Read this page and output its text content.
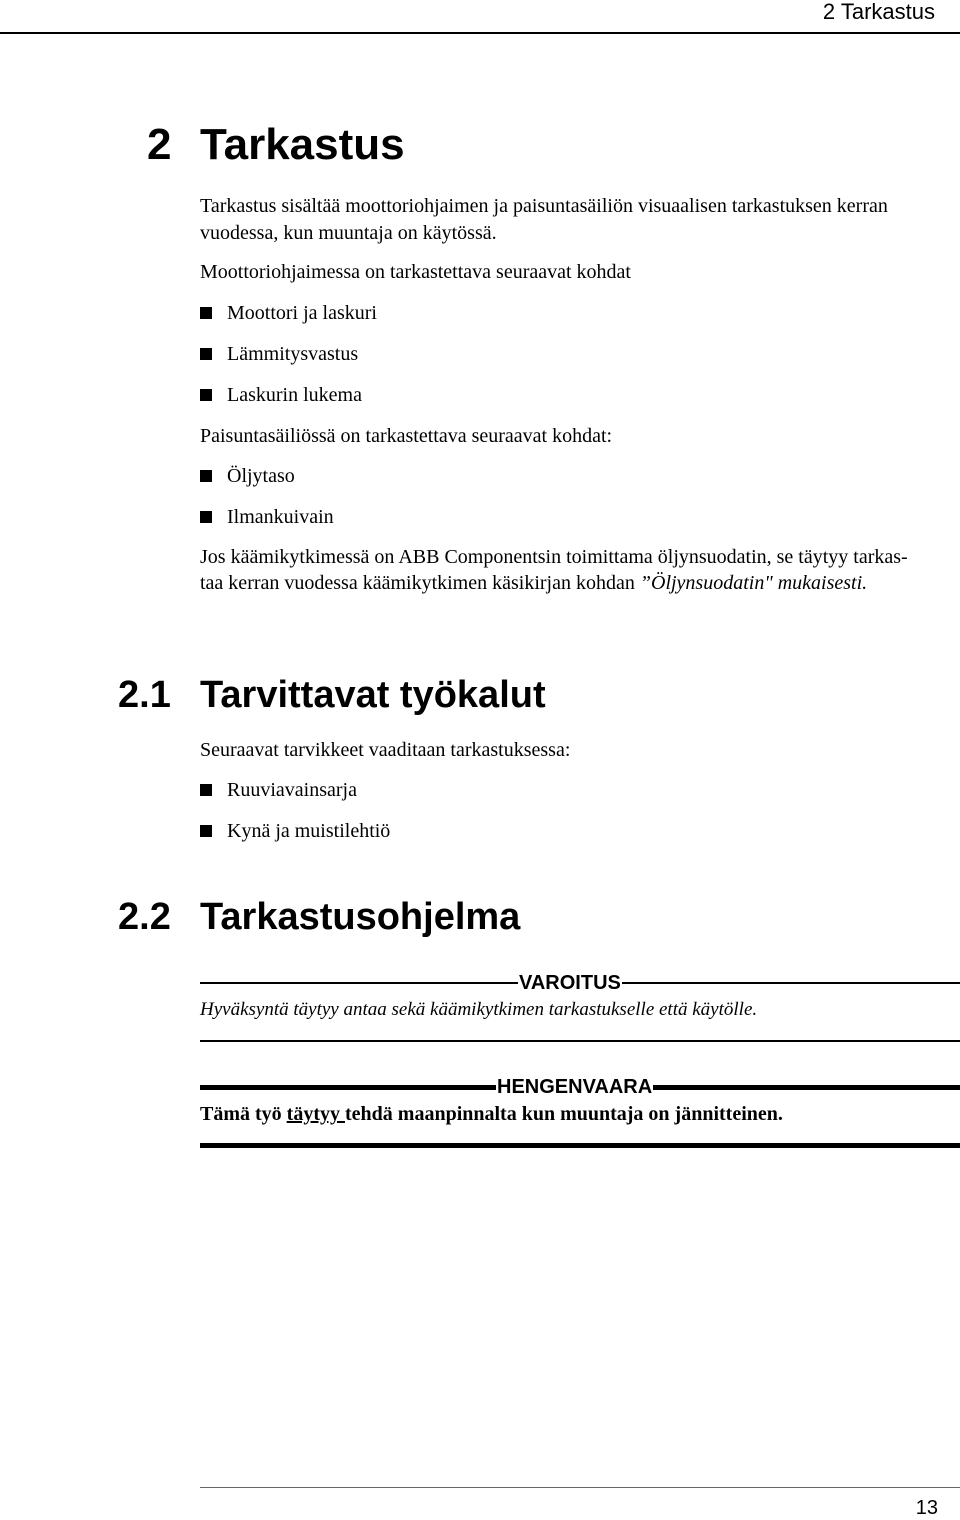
2 Tarkastus
2 Tarkastus
Tarkastus sisältää moottoriohjaimen ja paisuntasäiliön visuaalisen tarkastuksen kerran vuodessa, kun muuntaja on käytössä.
Moottoriohjaimessa on tarkastettava seuraavat kohdat
Moottori ja laskuri
Lämmitysvastus
Laskurin lukema
Paisuntasäiliössä on tarkastettava seuraavat kohdat:
Öljytaso
Ilmankuivain
Jos käämikytkimessä on ABB Componentsin toimittama öljynsuodatin, se täytyy tarkas-taa kerran vuodessa käämikytkimen käsikirjan kohdan ”Öljynsuodatin" mukaisesti.
2.1 Tarvittavat työkalut
Seuraavat tarvikkeet vaaditaan tarkastuksessa:
Ruuviavainsarja
Kynä ja muistilehtiö
2.2 Tarkastusohjelma
VAROITUS
Hyväksyntä täytyy antaa sekä käämikytkimen tarkastukselle että käytölle.
HENGENVAARA
Tämä työ täytyy tehdä maanpinnalta kun muuntaja on jännitteinen.
13
